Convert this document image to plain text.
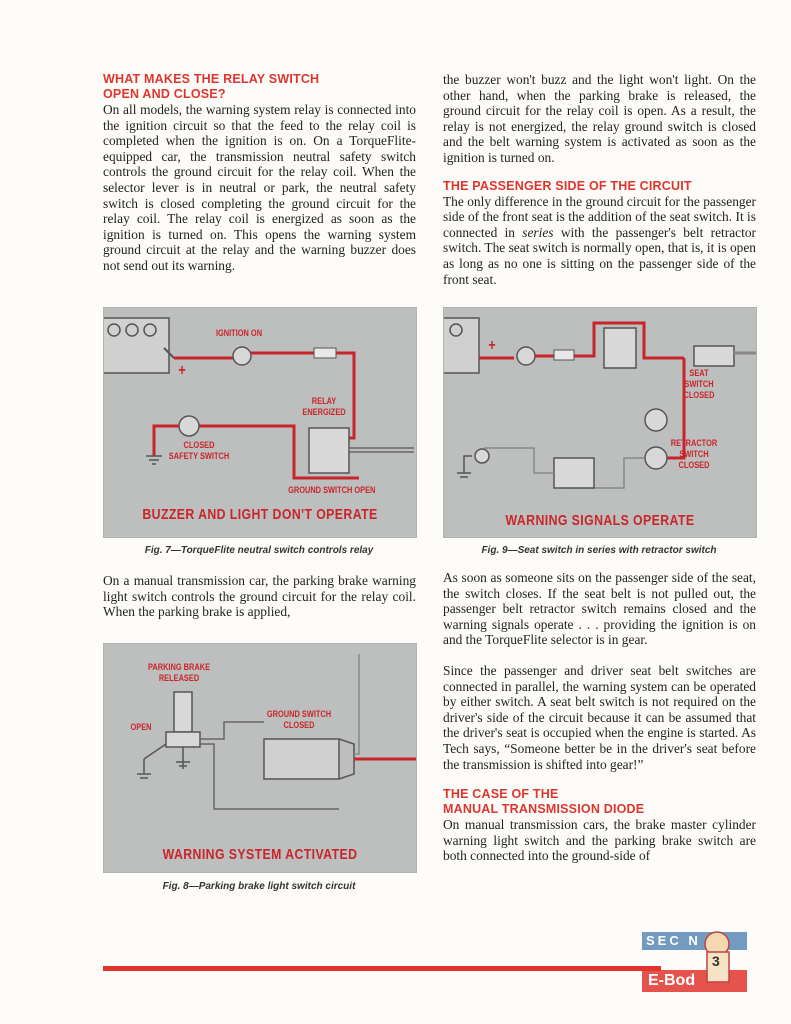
WHAT MAKES THE RELAY SWITCH
OPEN AND CLOSE?

On all models, the warning system relay is connected into the ignition circuit so that the feed to the relay coil is completed when the ignition is on. On a TorqueFlite-equipped car, the transmission neutral safety switch controls the ground circuit for the relay coil. When the selector lever is in neutral or park, the neutral safety switch is closed completing the ground circuit for the relay coil. The relay coil is energized as soon as the ignition is turned on. This opens the warning system ground circuit at the relay and the warning buzzer does not send out its warning.

On a manual transmission car, the parking brake warning light switch controls the ground circuit for the relay coil. When the parking brake is applied,

the buzzer won't buzz and the light won't light. On the other hand, when the parking brake is released, the ground circuit for the relay coil is open. As a result, the relay is not energized, the relay ground switch is closed and the belt warning system is activated as soon as the ignition is turned on.

THE PASSENGER SIDE OF THE CIRCUIT

The only difference in the ground circuit for the passenger side of the front seat is the addition of the seat switch. It is connected in series with the passenger's belt retractor switch. The seat switch is normally open, that is, it is open as long as no one is sitting on the passenger side of the front seat.

As soon as someone sits on the passenger side of the seat, the switch closes. If the seat belt is not pulled out, the passenger belt retractor switch remains closed and the warning signals operate . . . providing the ignition is on and the TorqueFlite selector is in gear.

Since the passenger and driver seat belt switches are connected in parallel, the warning system can be operated by either switch. A seat belt switch is not required on the driver's side of the circuit because it can be assumed that the driver's seat is occupied when the engine is started. As Tech says, “Someone better be in the driver's seat before the transmission is shifted into gear!”

THE CASE OF THE
MANUAL TRANSMISSION DIODE

On manual transmission cars, the brake master cylinder warning light switch and the parking brake switch are both connected into the ground-side of

IGNITION ON
+
RELAY
ENERGIZED
CLOSED
SAFETY SWITCH
GROUND SWITCH OPEN
BUZZER AND LIGHT DON'T OPERATE
Fig. 7—TorqueFlite neutral switch controls relay
PARKING BRAKE
RELEASED
OPEN
GROUND SWITCH
CLOSED
WARNING SYSTEM ACTIVATED
Fig. 8—Parking brake light switch circuit
+
SEAT
SWITCH
CLOSED
RETRACTOR
SWITCH
CLOSED
WARNING SIGNALS OPERATE
Fig. 9—Seat switch in series with retractor switch
SEC N
3
E-Bod
